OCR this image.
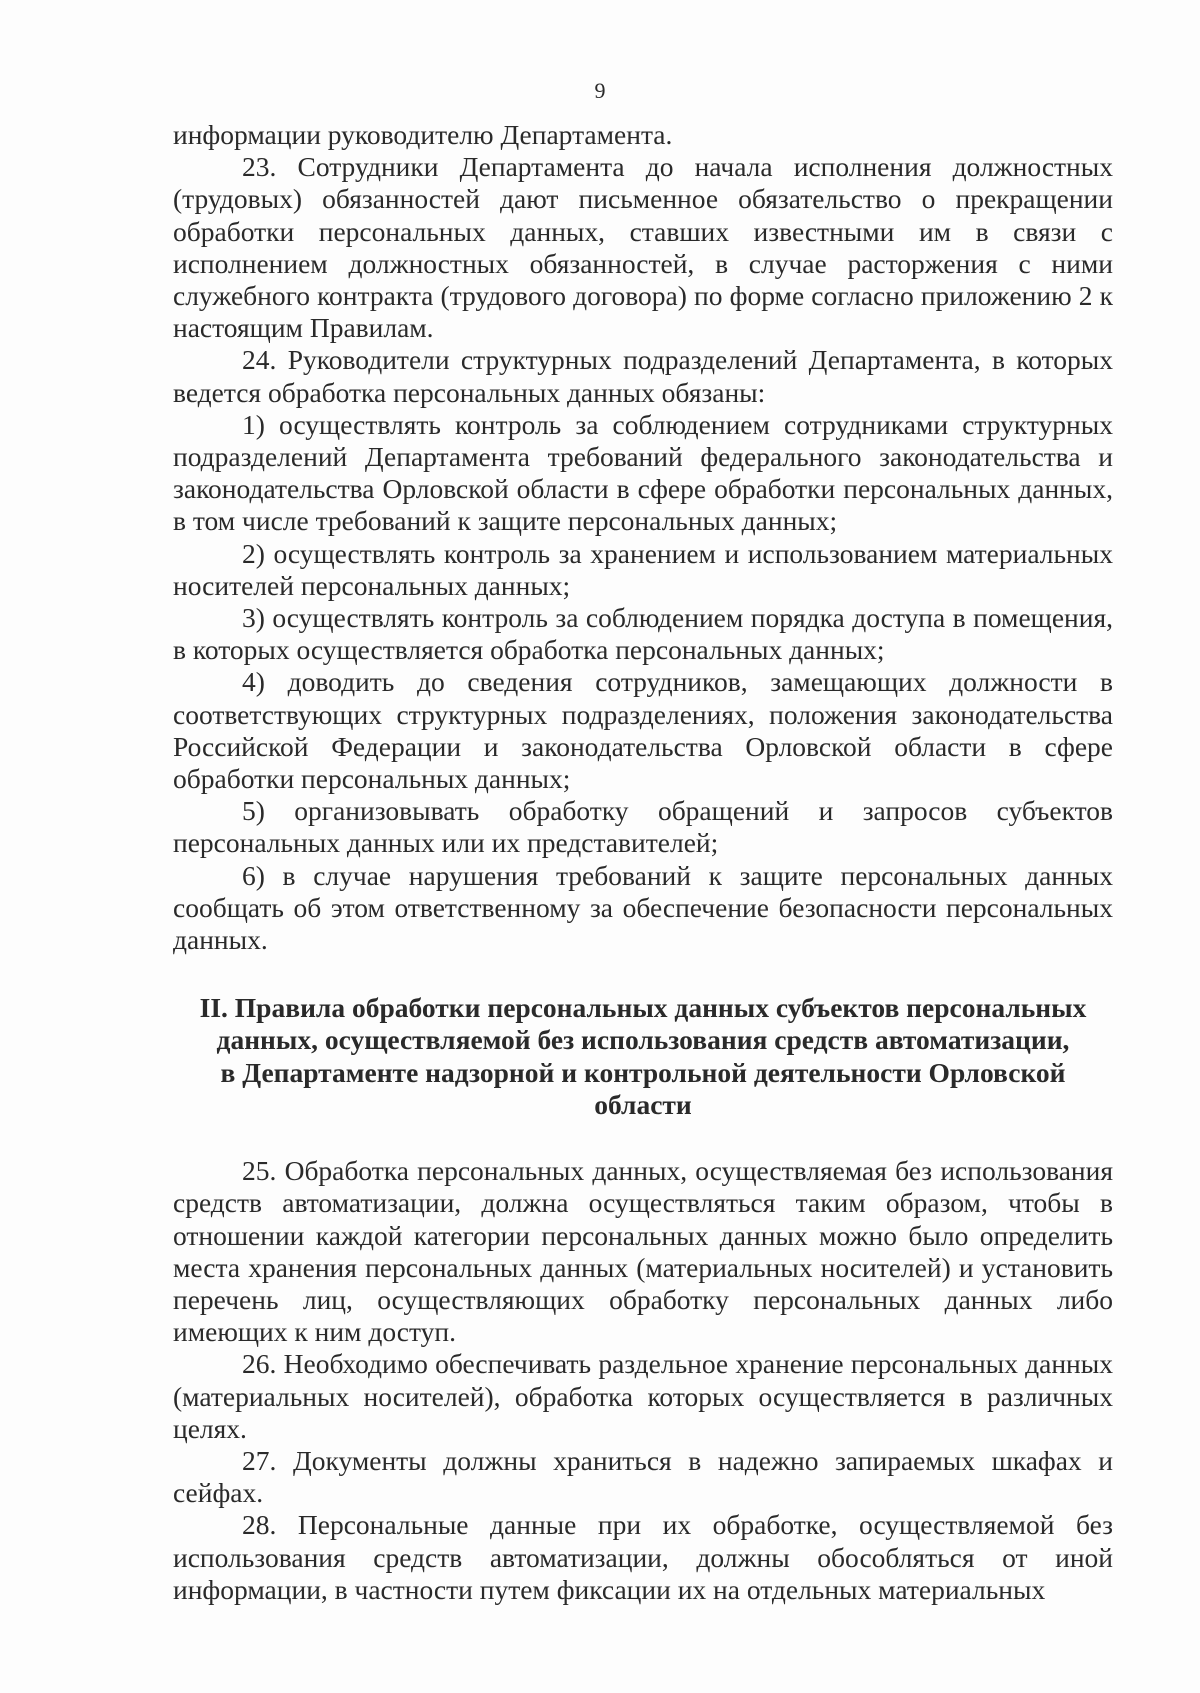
9

информации руководителю Департамента.

23. Сотрудники Департамента до начала исполнения должностных (трудовых) обязанностей дают письменное обязательство о прекращении обработки персональных данных, ставших известными им в связи с исполнением должностных обязанностей, в случае расторжения с ними служебного контракта (трудового договора) по форме согласно приложению 2 к настоящим Правилам.

24. Руководители структурных подразделений Департамента, в которых ведется обработка персональных данных обязаны:

1) осуществлять контроль за соблюдением сотрудниками структурных подразделений Департамента требований федерального законодательства и законодательства Орловской области в сфере обработки персональных данных, в том числе требований к защите персональных данных;

2) осуществлять контроль за хранением и использованием материальных носителей персональных данных;

3) осуществлять контроль за соблюдением порядка доступа в помещения, в которых осуществляется обработка персональных данных;

4) доводить до сведения сотрудников, замещающих должности в соответствующих структурных подразделениях, положения законодательства Российской Федерации и законодательства Орловской области в сфере обработки персональных данных;

5) организовывать обработку обращений и запросов субъектов персональных данных или их представителей;

6) в случае нарушения требований к защите персональных данных сообщать об этом ответственному за обеспечение безопасности персональных данных.

II. Правила обработки персональных данных субъектов персональных
данных, осуществляемой без использования средств автоматизации,
в Департаменте надзорной и контрольной деятельности Орловской области

25. Обработка персональных данных, осуществляемая без использования средств автоматизации, должна осуществляться таким образом, чтобы в отношении каждой категории персональных данных можно было определить места хранения персональных данных (материальных носителей) и установить перечень лиц, осуществляющих обработку персональных данных либо имеющих к ним доступ.

26. Необходимо обеспечивать раздельное хранение персональных данных (материальных носителей), обработка которых осуществляется в различных целях.

27. Документы должны храниться в надежно запираемых шкафах и сейфах.

28. Персональные данные при их обработке, осуществляемой без использования средств автоматизации, должны обособляться от иной информации, в частности путем фиксации их на отдельных материальных
